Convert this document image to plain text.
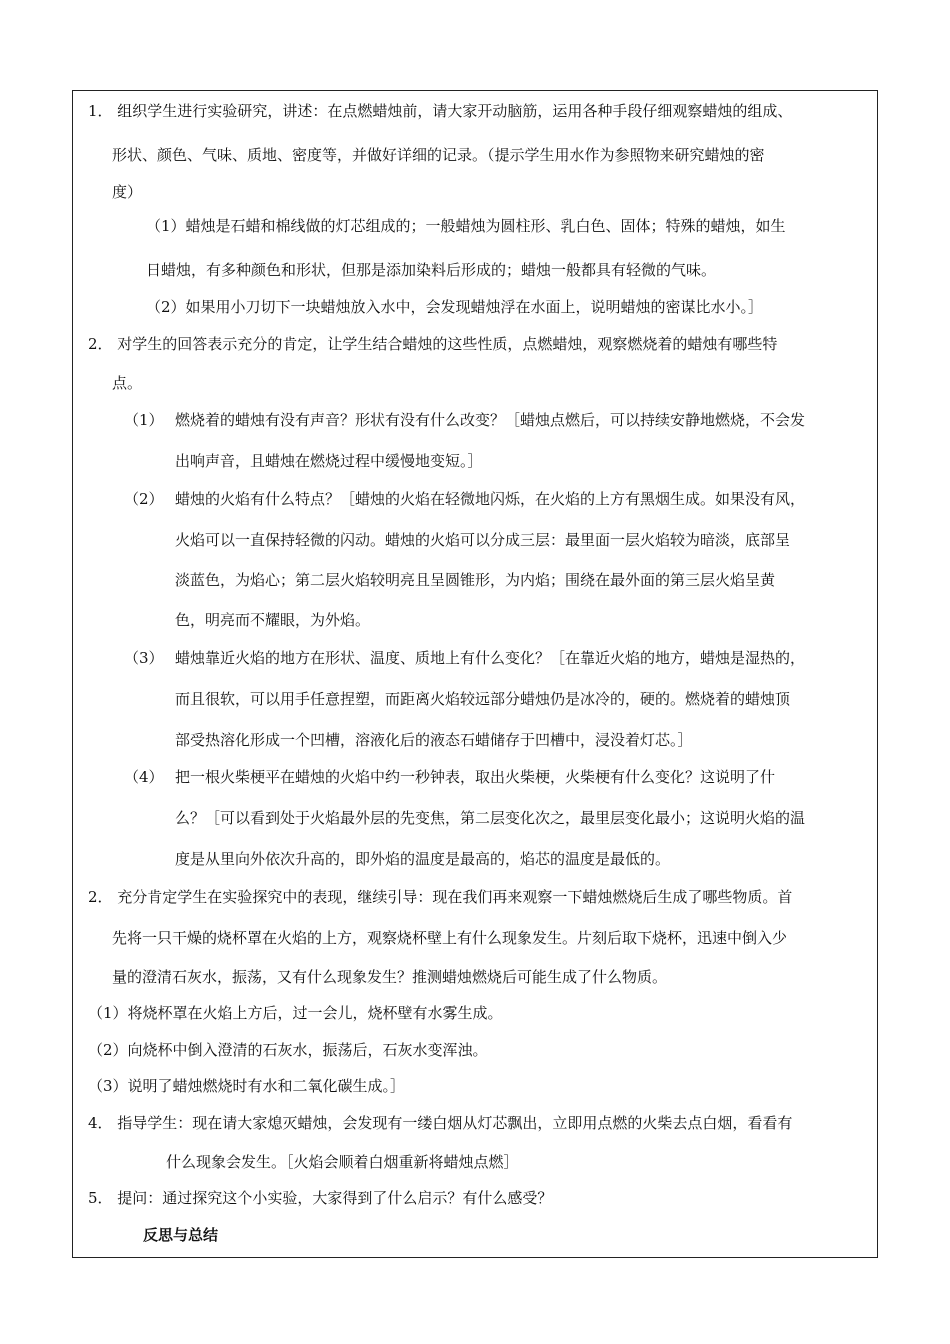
1． 组织学生进行实验研究，讲述：在点燃蜡烛前，请大家开动脑筋，运用各种手段仔细观察蜡烛的组成、
形状、颜色、气味、质地、密度等，并做好详细的记录。（提示学生用水作为参照物来研究蜡烛的密
度）
（1）蜡烛是石蜡和棉线做的灯芯组成的；一般蜡烛为圆柱形、乳白色、固体；特殊的蜡烛，如生
日蜡烛，有多种颜色和形状，但那是添加染料后形成的；蜡烛一般都具有轻微的气味。
（2）如果用小刀切下一块蜡烛放入水中，会发现蜡烛浮在水面上，说明蜡烛的密谋比水小。］
2． 对学生的回答表示充分的肯定，让学生结合蜡烛的这些性质，点燃蜡烛，观察燃烧着的蜡烛有哪些特
点。
（1） 燃烧着的蜡烛有没有声音？形状有没有什么改变？［蜡烛点燃后，可以持续安静地燃烧，不会发
出响声音，且蜡烛在燃烧过程中缓慢地变短。］
（2） 蜡烛的火焰有什么特点？［蜡烛的火焰在轻微地闪烁，在火焰的上方有黑烟生成。如果没有风，
火焰可以一直保持轻微的闪动。蜡烛的火焰可以分成三层：最里面一层火焰较为暗淡，底部呈
淡蓝色，为焰心；第二层火焰较明亮且呈圆锥形，为内焰；围绕在最外面的第三层火焰呈黄
色，明亮而不耀眼，为外焰。
（3） 蜡烛靠近火焰的地方在形状、温度、质地上有什么变化？［在靠近火焰的地方，蜡烛是湿热的，
而且很软，可以用手任意捏塑，而距离火焰较远部分蜡烛仍是冰冷的，硬的。燃烧着的蜡烛顶
部受热溶化形成一个凹槽，溶液化后的液态石蜡储存于凹槽中，浸没着灯芯。］
（4） 把一根火柴梗平在蜡烛的火焰中约一秒钟表，取出火柴梗，火柴梗有什么变化？这说明了什
么？［可以看到处于火焰最外层的先变焦，第二层变化次之，最里层变化最小；这说明火焰的温
度是从里向外依次升高的，即外焰的温度是最高的，焰芯的温度是最低的。
2． 充分肯定学生在实验探究中的表现，继续引导：现在我们再来观察一下蜡烛燃烧后生成了哪些物质。首
先将一只干燥的烧杯罩在火焰的上方，观察烧杯壁上有什么现象发生。片刻后取下烧杯，迅速中倒入少
量的澄清石灰水，振荡，又有什么现象发生？推测蜡烛燃烧后可能生成了什么物质。
（1）将烧杯罩在火焰上方后，过一会儿，烧杯壁有水雾生成。
（2）向烧杯中倒入澄清的石灰水，振荡后，石灰水变浑浊。
（3）说明了蜡烛燃烧时有水和二氧化碳生成。］
4． 指导学生：现在请大家熄灭蜡烛，会发现有一缕白烟从灯芯飘出，立即用点燃的火柴去点白烟，看看有
什么现象会发生。［火焰会顺着白烟重新将蜡烛点燃］
5． 提问：通过探究这个小实验，大家得到了什么启示？有什么感受？
反思与总结
